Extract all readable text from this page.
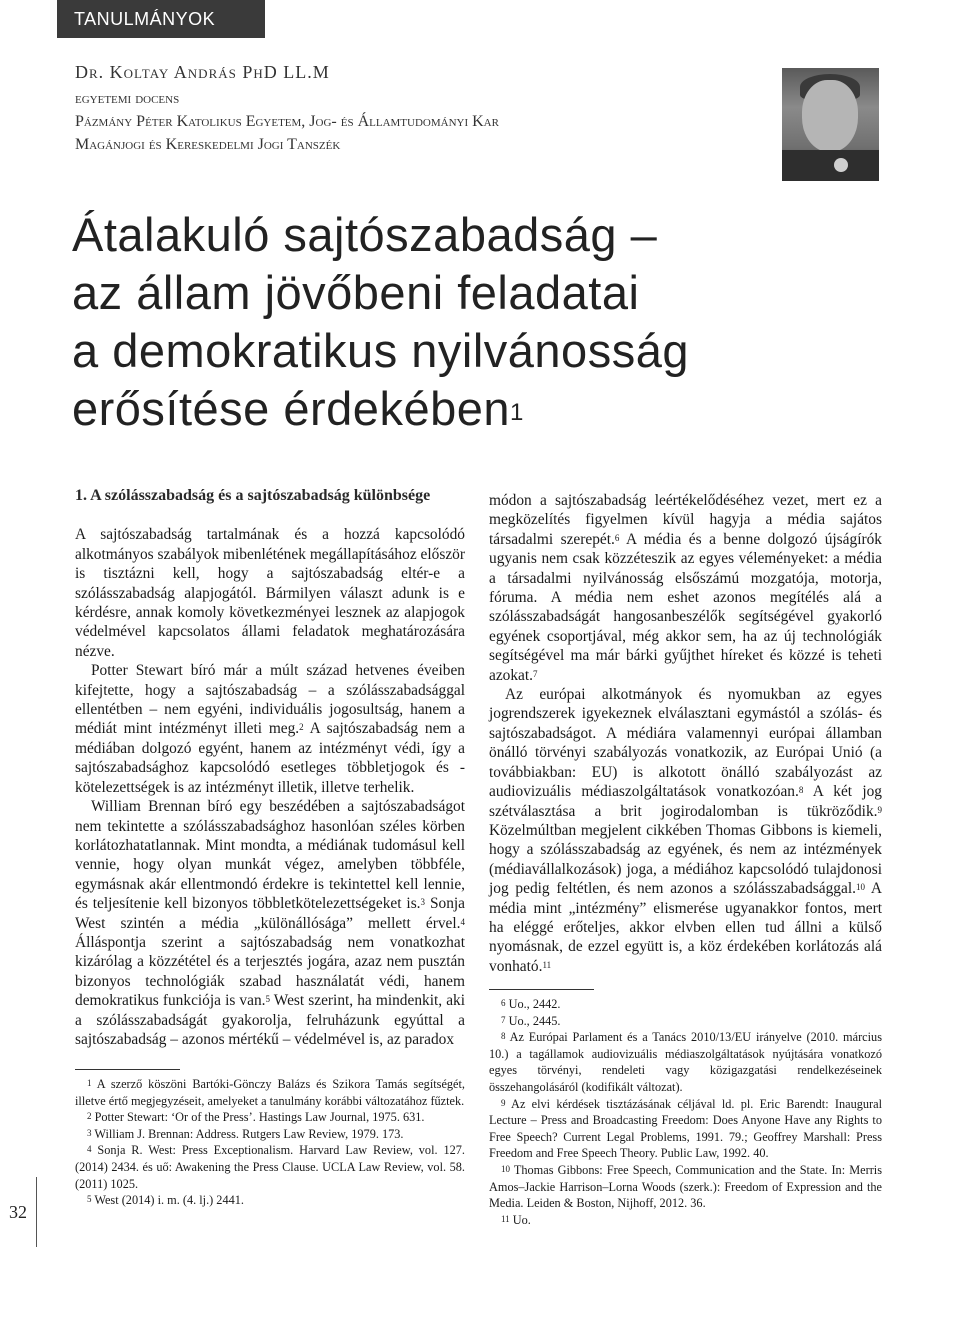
TANULMÁNYOK
Dr. Koltay András PhD LL.M
egyetemi docens
Pázmány Péter Katolikus Egyetem, Jog- és Államtudományi Kar
Magánjogi és Kereskedelmi Jogi Tanszék
Átalakuló sajtószabadság –
az állam jövőbeni feladatai
a demokratikus nyilvánosság
erősítése érdekében$^1$
1. A szólásszabadság és a sajtószabadság különbsége

A sajtószabadság tartalmának és a hozzá kapcsolódó alkotmányos szabályok mibenlétének megállapításához először is tisztázni kell, hogy a sajtószabadság eltér-e a szólásszabadság alapjogától. Bármilyen választ adunk is e kérdésre, annak komoly következményei lesznek az alapjogok védelmével kapcsolatos állami feladatok meghatározására nézve.

Potter Stewart bíró már a múlt század hetvenes éveiben kifejtette, hogy a sajtószabadság – a szólásszabadsággal ellentétben – nem egyéni, individuális jogosultság, hanem a médiát mint intézményt illeti meg.$^2$ A sajtószabadság nem a médiában dolgozó egyént, hanem az intézményt védi, így a sajtószabadsághoz kapcsolódó esetleges többletjogok és -kötelezettségek is az intézményt illetik, illetve terhelik.

William Brennan bíró egy beszédében a sajtószabadságot nem tekintette a szólásszabadsághoz hasonlóan széles körben korlátozhatatlannak. Mint mondta, a médiának tudomásul kell vennie, hogy olyan munkát végez, amelyben többféle, egymásnak akár ellentmondó érdekre is tekintettel kell lennie, és teljesítenie kell bizonyos többletkötelezettségeket is.$^3$ Sonja West szintén a média „különállósága” mellett érvel.$^4$ Álláspontja szerint a sajtószabadság nem vonatkozhat kizárólag a közzététel és a terjesztés jogára, azaz nem pusztán bizonyos technológiák szabad használatát védi, hanem demokratikus funkciója is van.$^5$ West szerint, ha mindenkit, aki a szólásszabadságát gyakorolja, felruházunk egyúttal a sajtószabadság – azonos mértékű – védelmével is, az paradox

módon a sajtószabadság leértékelődéséhez vezet, mert ez a megközelítés figyelmen kívül hagyja a média sajátos társadalmi szerepét.$^6$ A média és a benne dolgozó újságírók ugyanis nem csak közzéteszik az egyes véleményeket: a média a társadalmi nyilvánosság elsőszámú mozgatója, motorja, fóruma. A média nem eshet azonos megítélés alá a szólásszabadságát hangosanbeszélők segítségével gyakorló egyének csoportjával, még akkor sem, ha az új technológiák segítségével ma már bárki gyűjthet híreket és közzé is teheti azokat.$^7$

Az európai alkotmányok és nyomukban az egyes jogrendszerek igyekeznek elválasztani egymástól a szólás- és sajtószabadságot. A médiára valamennyi európai államban önálló törvényi szabályozás vonatkozik, az Európai Unió (a továbbiakban: EU) is alkotott önálló szabályozást az audiovizuális médiaszolgáltatások vonatkozóan.$^8$ A két jog szétválasztása a brit jogirodalomban is tükröződik.$^9$ Közelmúltban megjelent cikkében Thomas Gibbons is kiemeli, hogy a szólásszabadság az egyének, és nem az intézmények (médiavállalkozások) joga, a médiához kapcsolódó tulajdonosi jog pedig feltétlen, és nem azonos a szólásszabadsággal.$^{10}$ A média mint „intézmény” elismerése ugyanakkor fontos, mert ha eléggé erőteljes, akkor elvben ellen tud állni a külső nyomásnak, de ezzel együtt is, a köz érdekében korlátozás alá vonható.$^{11}$

$^1$ A szerző köszöni Bartóki-Gönczy Balázs és Szikora Tamás segítségét, illetve értő megjegyzéseit, amelyeket a tanulmány korábbi változatához fűztek.

$^2$ Potter Stewart: ‘Or of the Press’. Hastings Law Journal, 1975. 631.

$^3$ William J. Brennan: Address. Rutgers Law Review, 1979. 173.

$^4$ Sonja R. West: Press Exceptionalism. Harvard Law Review, vol. 127. (2014) 2434. és uő: Awakening the Press Clause. UCLA Law Review, vol. 58. (2011) 1025.

$^5$ West (2014) i. m. (4. lj.) 2441.

$^6$ Uo., 2442.

$^7$ Uo., 2445.

$^8$ Az Európai Parlament és a Tanács 2010/13/EU irányelve (2010. március 10.) a tagállamok audiovizuális médiaszolgáltatások nyújtására vonatkozó egyes törvényi, rendeleti vagy közigazgatási rendelkezéseinek összehangolásáról (kodifikált változat).

$^9$ Az elvi kérdések tisztázásának céljával ld. pl. Eric Barendt: Inaugural Lecture – Press and Broadcasting Freedom: Does Anyone Have any Rights to Free Speech? Current Legal Problems, 1991. 79.; Geoffrey Marshall: Press Freedom and Free Speech Theory. Public Law, 1992. 40.

$^{10}$ Thomas Gibbons: Free Speech, Communication and the State. In: Merris Amos–Jackie Harrison–Lorna Woods (szerk.): Freedom of Expression and the Media. Leiden & Boston, Nijhoff, 2012. 36.

$^{11}$ Uo.

32
